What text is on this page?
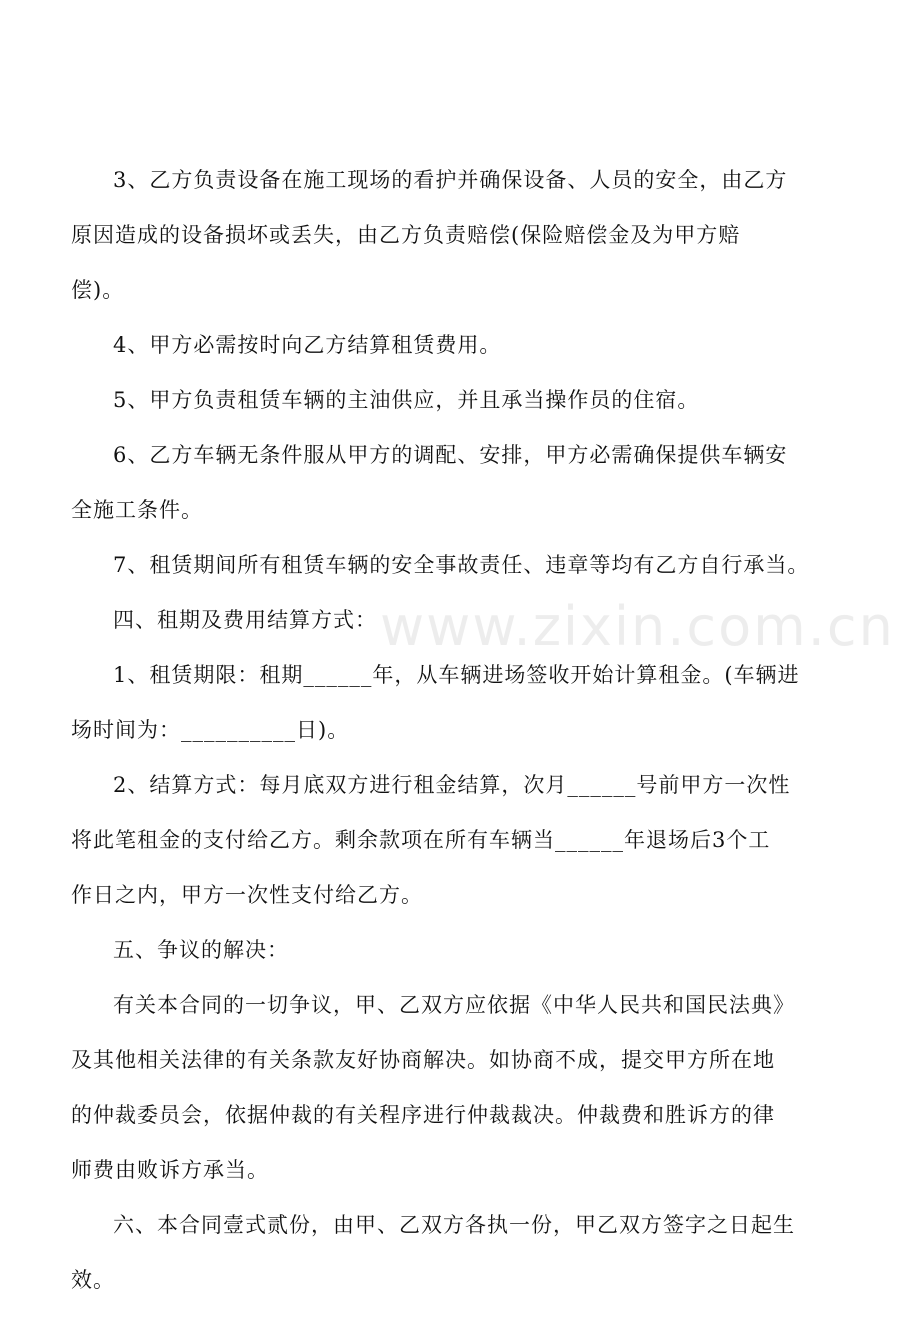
3、乙方负责设备在施工现场的看护并确保设备、人员的安全，由乙方
原因造成的设备损坏或丢失，由乙方负责赔偿(保险赔偿金及为甲方赔
偿)。
4、甲方必需按时向乙方结算租赁费用。
5、甲方负责租赁车辆的主油供应，并且承当操作员的住宿。
6、乙方车辆无条件服从甲方的调配、安排，甲方必需确保提供车辆安
全施工条件。
7、租赁期间所有租赁车辆的安全事故责任、违章等均有乙方自行承当。
四、租期及费用结算方式：
1、租赁期限：租期______年，从车辆进场签收开始计算租金。(车辆进
场时间为：__________日)。
2、结算方式：每月底双方进行租金结算，次月______号前甲方一次性
将此笔租金的支付给乙方。剩余款项在所有车辆当______年退场后3个工
作日之内，甲方一次性支付给乙方。
五、争议的解决：
有关本合同的一切争议，甲、乙双方应依据《中华人民共和国民法典》
及其他相关法律的有关条款友好协商解决。如协商不成，提交甲方所在地
的仲裁委员会，依据仲裁的有关程序进行仲裁裁决。仲裁费和胜诉方的律
师费由败诉方承当。
六、本合同壹式贰份，由甲、乙双方各执一份，甲乙双方签字之日起生
效。
www.zixin.com.cn
